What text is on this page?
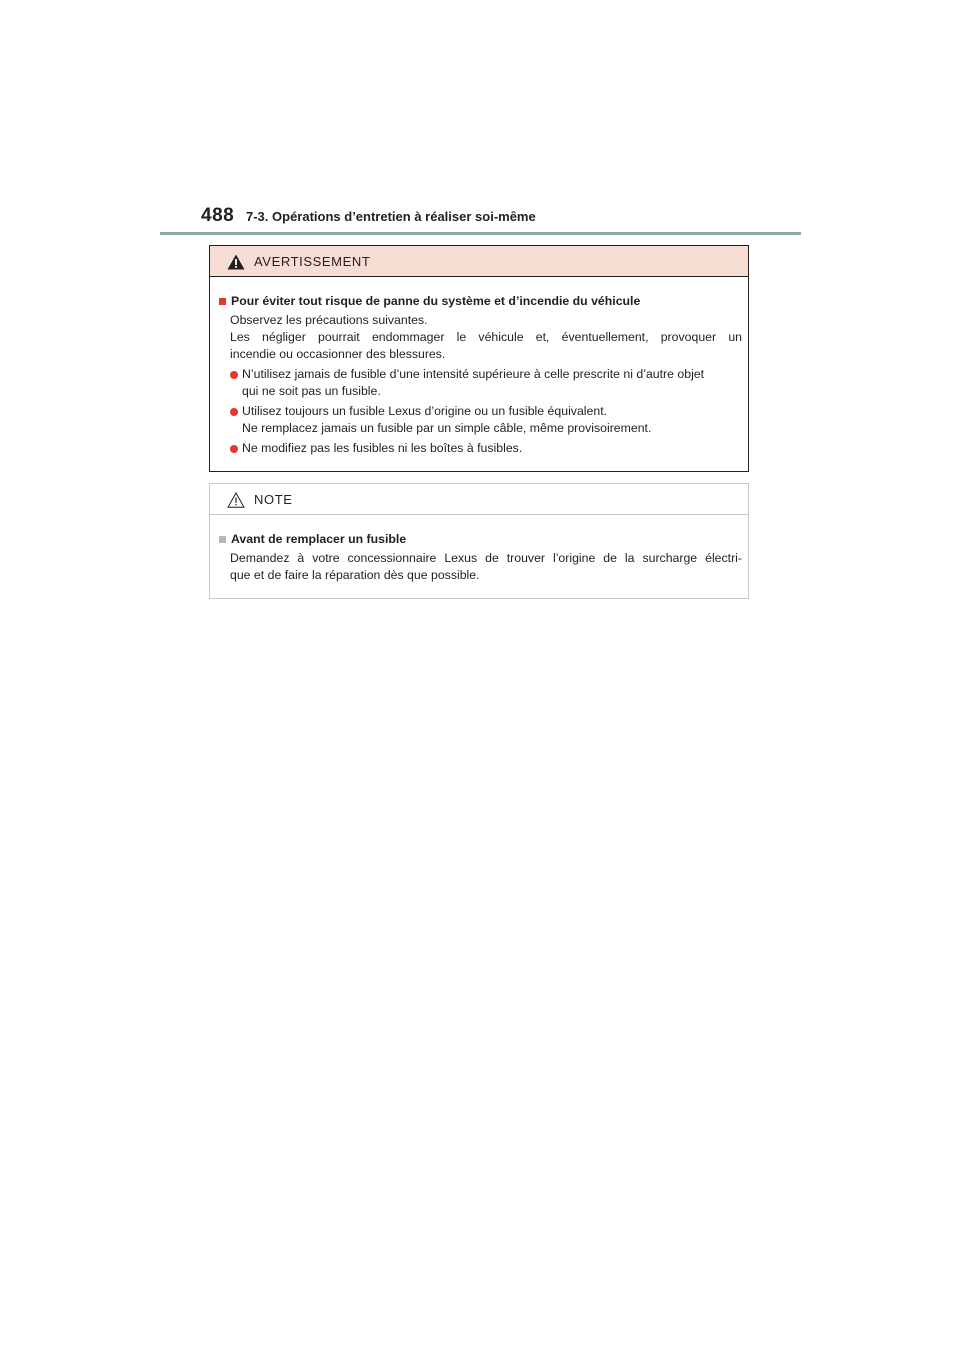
488 7-3. Opérations d’entretien à réaliser soi-même
AVERTISSEMENT
Pour éviter tout risque de panne du système et d’incendie du véhicule
Observez les précautions suivantes.
Les négliger pourrait endommager le véhicule et, éventuellement, provoquer un
incendie ou occasionner des blessures.
N’utilisez jamais de fusible d’une intensité supérieure à celle prescrite ni d’autre objet
qui ne soit pas un fusible.
Utilisez toujours un fusible Lexus d’origine ou un fusible équivalent.
Ne remplacez jamais un fusible par un simple câble, même provisoirement.
Ne modifiez pas les fusibles ni les boîtes à fusibles.
NOTE
Avant de remplacer un fusible
Demandez à votre concessionnaire Lexus de trouver l’origine de la surcharge électri-
que et de faire la réparation dès que possible.
